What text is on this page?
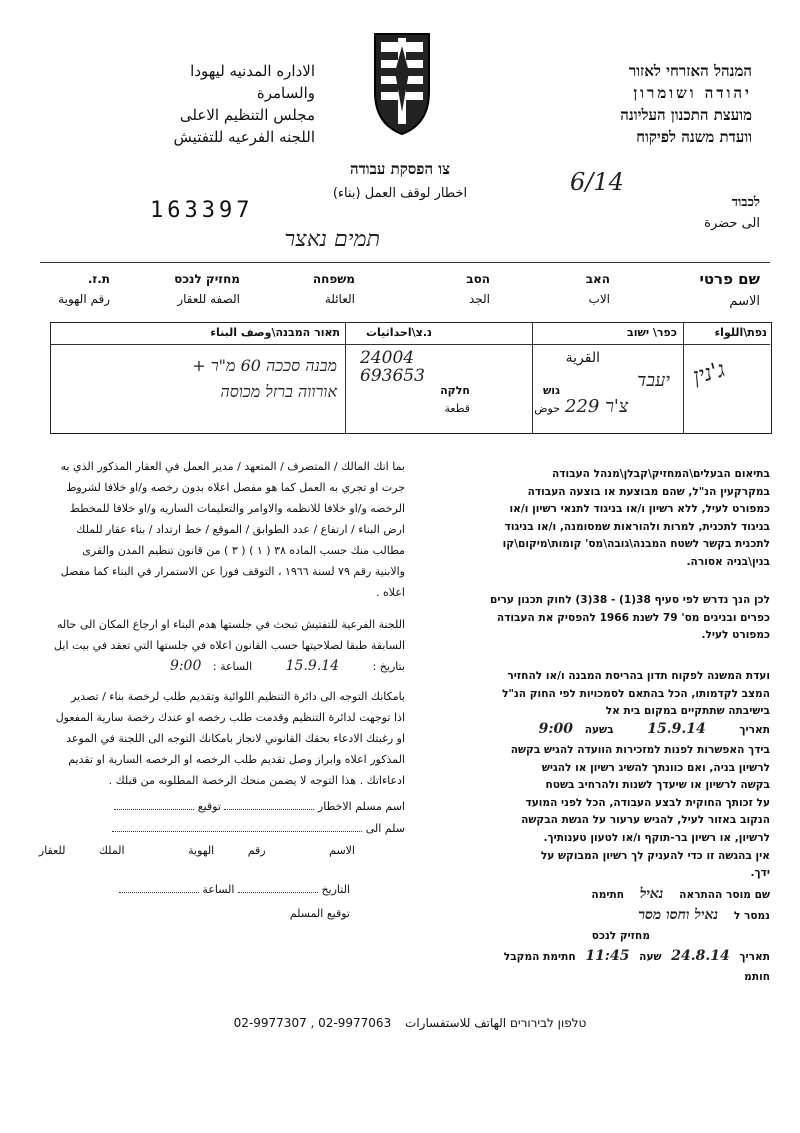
המנהל האזרחי לאזור
יהודה ושומרון
מועצת התכנון העליונה
וועדת משנה לפיקוח
الاداره المدنيه ليهودا
والسامرة
مجلس التنظيم الاعلى
اللجنه الفرعيه للتفتيش
צו הפסקת עבודה
اخطار لوقف العمل (بناء)
163397
6/14
לכבוד
الى حضرة
תמים נאצר
שם פרטי
الاسم
האב
الاب
הסב
الجد
משפחה
العائلة
מחזיק לנכס
الصفه للعقار
ת.ז.
رقم الهوية
נפת\اللواء
ג'נין
כפר\ ישוב
القرية
יעבד
גוש
حوض צ'ר 229
חלקה
قطعة
נ.צ\احداثيات
24004
693653
תאור המבנה\وصف البناء
מבנה סככה 60 מ"ר +
אורווה ברזל מכוסה
בתיאום הבעלים\המחזיק\קבלן\מנהל העבודה
במקרקעין הנ"ל, שהם מבוצעת או בוצעה העבודה
כמפורט לעיל, ללא רשיון ו/או בניגוד לתנאי רשיון ו/או
בניגוד לתכנית, למרות ולהוראות שמסומנה, ו/או בניגוד
לתכנית בקשר לשטח המבנה\גובה\מס' קומות\מיקום\קו
בנין\בניה אסורה.
לכן הנך נדרש לפי סעיף 38(1) - 38(3) לחוק תכנון ערים
כפרים ובנינים מס' 79 לשנת 1966 להפסיק את העבודה
כמפורט לעיל.
ועדת המשנה לפקוח תדון בהריסת המבנה ו/או להחזיר
המצב לקדמותו, הכל בהתאם לסמכויות לפי החוק הנ"ל
בישיבתה שתתקיים במקום בית אל
תאריך 15.9.14 בשעה 9:00
בידך האפשרות לפנות למזכירות הוועדה להגיש בקשה
לרשיון בניה, ואם כוונתך להשיג רשיון או להגיש
בקשה לרשיון או שיעדך לשנות ולהרחיב בשטח
על זכותך החוקית לבצע העבודה, הכל לפני המועד
הנקוב באזור לעיל, להגיש ערעור על הגשת הבקשה
לרשיון, או רשיון בר-תוקף ו/או לטעון טענותיך.
אין בהגשה זו כדי להעניק לך רשיון המבוקש על
ידך.
שם מוסר ההתראה נאיל חתימה
נמסר ל נאיל וחסו מסר
מחזיק לנכס
תאריך 24.8.14 שעה 11:45 חתימת המקבל
חותמ
بما انك المالك / المتصرف / المتعهد / مدير العمل في العقار المذكور الذي به
جرت او تجري به العمل كما هو مفصل اعلاه بدون رخصه و/او خلافا لشروط
الرخصه و/او خلافا للانظمه والاوامر والتعليمات الساريه و/او خلافا للمخطط
ارض البناء / ارتفاع / عدد الطوابق / الموقع / خط ارتداد / بناء عقار للملك
مطالب منك حسب الماده ٣٨ ( ١ ) ( ٣ ) من قانون تنظيم المدن والقرى
والابنية رقم ٧٩ لسنة ١٩٦٦ ، التوقف فورا عن الاستمرار في البناء كما مفصل
اعلاه .
اللجنة الفرعية للتفتيش تبحث في جلستها هدم البناء او ارجاع المكان الى حاله
السابقة طبقا لصلاحيتها حسب القانون اعلاه في جلستها التي تعقد في بيت ايل
بتاريخ : 15.9.14 الساعة : 9:00
بامكانك التوجه الى دائرة التنظيم اللوائية وتقديم طلب لرخصة بناء / تصدير
اذا توجهت لدائرة التنظيم وقدمت طلب رخصه او عندك رخصة سارية المفعول
او رغبتك الادعاء بحقك القانوني لانجاز بامكانك التوجه الى اللجنة في الموعد
المذكور اعلاه وابراز وصل تقديم طلب الرخصه او الرخصه السارية او تقديم
ادعاءاتك . هذا التوجه لا يضمن منحك الرخصة المطلوبه من قبلك .
اسم مسلم الاخطار  توقيع
سلم الى
الاسم رقم الهوية الملك للعقار
التاريخ  الساعة
توقيع المسلم
02-9977307 , 02-9977063 טלפון לבירורים الهاتف للاستفسارات
